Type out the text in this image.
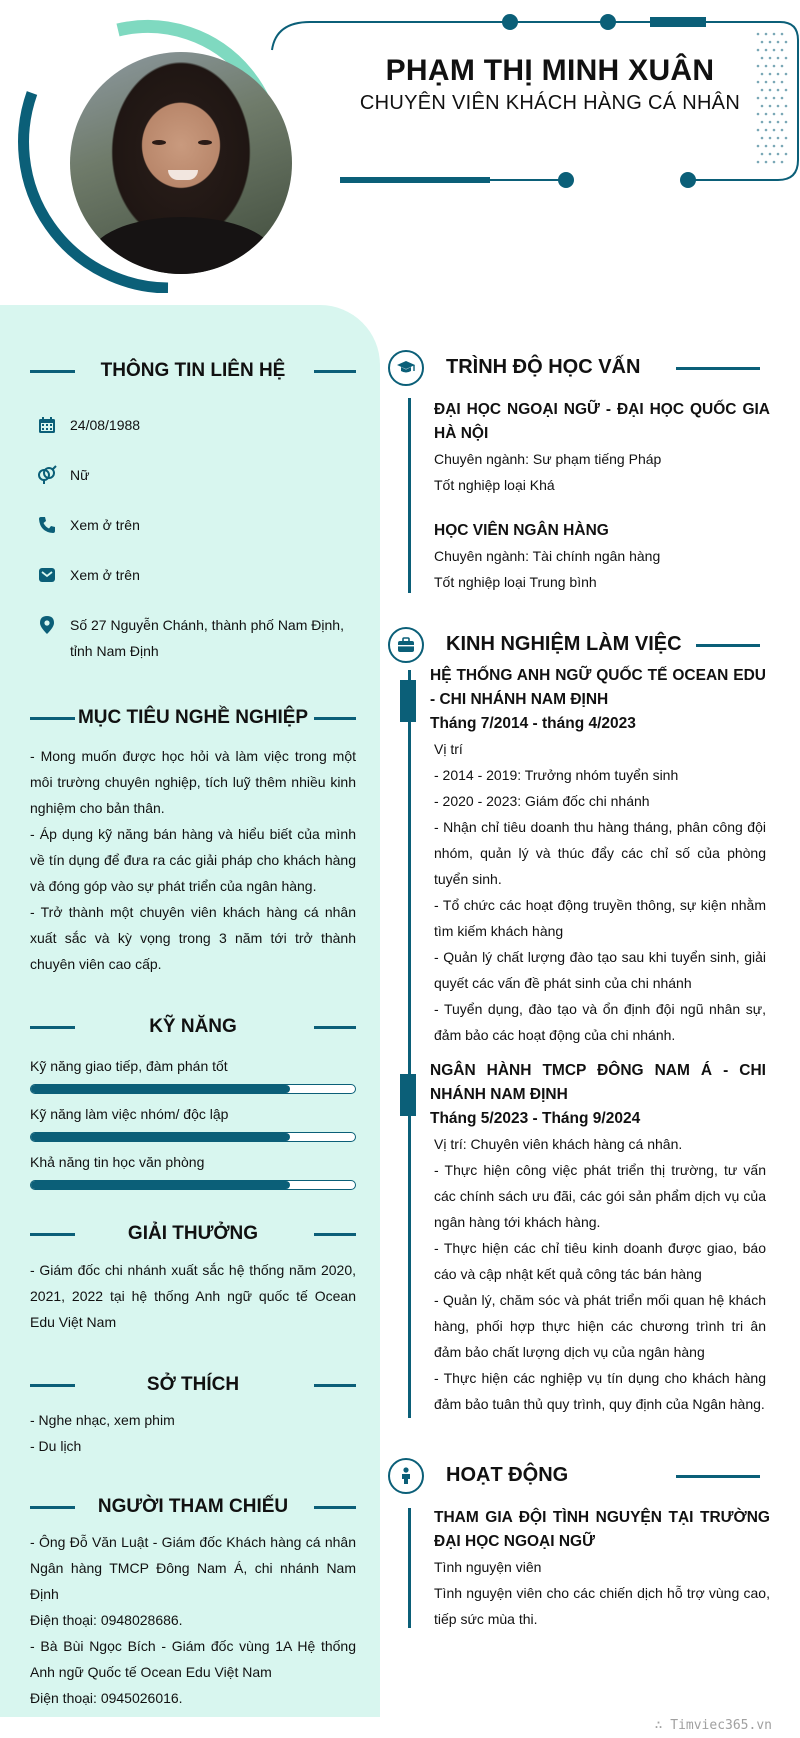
PHẠM THỊ MINH XUÂN
CHUYÊN VIÊN KHÁCH HÀNG CÁ NHÂN
THÔNG TIN LIÊN HỆ
24/08/1988
Nữ
Xem ở trên
Xem ở trên
Số 27 Nguyễn Chánh, thành phố Nam Định, tỉnh Nam Định
MỤC TIÊU NGHỀ NGHIỆP
- Mong muốn được học hỏi và làm việc trong một môi trường chuyên nghiệp, tích luỹ thêm nhiều kinh nghiệm cho bản thân.
- Áp dụng kỹ năng bán hàng và hiểu biết của mình về tín dụng để đưa ra các giải pháp cho khách hàng và đóng góp vào sự phát triển của ngân hàng.
- Trở thành một chuyên viên khách hàng cá nhân xuất sắc và kỳ vọng trong 3 năm tới trở thành chuyên viên cao cấp.
KỸ NĂNG
Kỹ năng giao tiếp, đàm phán tốt
Kỹ năng làm việc nhóm/ độc lập
Khả năng tin học văn phòng
GIẢI THƯỞNG
- Giám đốc chi nhánh xuất sắc hệ thống năm 2020, 2021, 2022 tại hệ thống Anh ngữ quốc tế Ocean Edu Việt Nam
SỞ THÍCH
- Nghe nhạc, xem phim
- Du lịch
NGƯỜI THAM CHIẾU
- Ông Đỗ Văn Luật - Giám đốc Khách hàng cá nhân Ngân hàng TMCP Đông Nam Á, chi nhánh Nam Định
Điện thoại: 0948028686.
- Bà Bùi Ngọc Bích - Giám đốc vùng 1A Hệ thống Anh ngữ Quốc tế Ocean Edu Việt Nam
Điện thoại: 0945026016.
TRÌNH ĐỘ HỌC VẤN
ĐẠI HỌC NGOẠI NGỮ - ĐẠI HỌC QUỐC GIA HÀ NỘI
Chuyên ngành: Sư phạm tiếng Pháp
Tốt nghiệp loại Khá
HỌC VIÊN NGÂN HÀNG
Chuyên ngành: Tài chính ngân hàng
Tốt nghiệp loại Trung bình
KINH NGHIỆM LÀM VIỆC
HỆ THỐNG ANH NGỮ QUỐC TẾ OCEAN EDU - CHI NHÁNH NAM ĐỊNH
Tháng 7/2014 - tháng 4/2023
Vị trí
- 2014 - 2019: Trưởng nhóm tuyển sinh
- 2020 - 2023: Giám đốc chi nhánh
- Nhận chỉ tiêu doanh thu hàng tháng, phân công đội nhóm, quản lý và thúc đẩy các chỉ số của phòng tuyển sinh.
- Tổ chức các hoạt động truyền thông, sự kiện nhằm tìm kiếm khách hàng
- Quản lý chất lượng đào tạo sau khi tuyển sinh, giải quyết các vấn đề phát sinh của chi nhánh
- Tuyển dụng, đào tạo và ổn định đội ngũ nhân sự, đảm bảo các hoạt động của chi nhánh.
NGÂN HÀNH TMCP ĐÔNG NAM Á - CHI NHÁNH NAM ĐỊNH
Tháng 5/2023 - Tháng 9/2024
Vị trí: Chuyên viên khách hàng cá nhân.
- Thực hiện công việc phát triển thị trường, tư vấn các chính sách ưu đãi, các gói sản phẩm dịch vụ của ngân hàng tới khách hàng.
- Thực hiện các chỉ tiêu kinh doanh được giao, báo cáo và cập nhật kết quả công tác bán hàng
- Quản lý, chăm sóc và phát triển mối quan hệ khách hàng, phối hợp thực hiện các chương trình tri ân đảm bảo chất lượng dịch vụ của ngân hàng
- Thực hiện các nghiệp vụ tín dụng cho khách hàng đảm bảo tuân thủ quy trình, quy định của Ngân hàng.
HOẠT ĐỘNG
THAM GIA ĐỘI TÌNH NGUYỆN TẠI TRƯỜNG ĐẠI HỌC NGOẠI NGỮ
Tình nguyện viên
Tình nguyện viên cho các chiến dịch hỗ trợ vùng cao, tiếp sức mùa thi.
∴ Timviec365.vn
